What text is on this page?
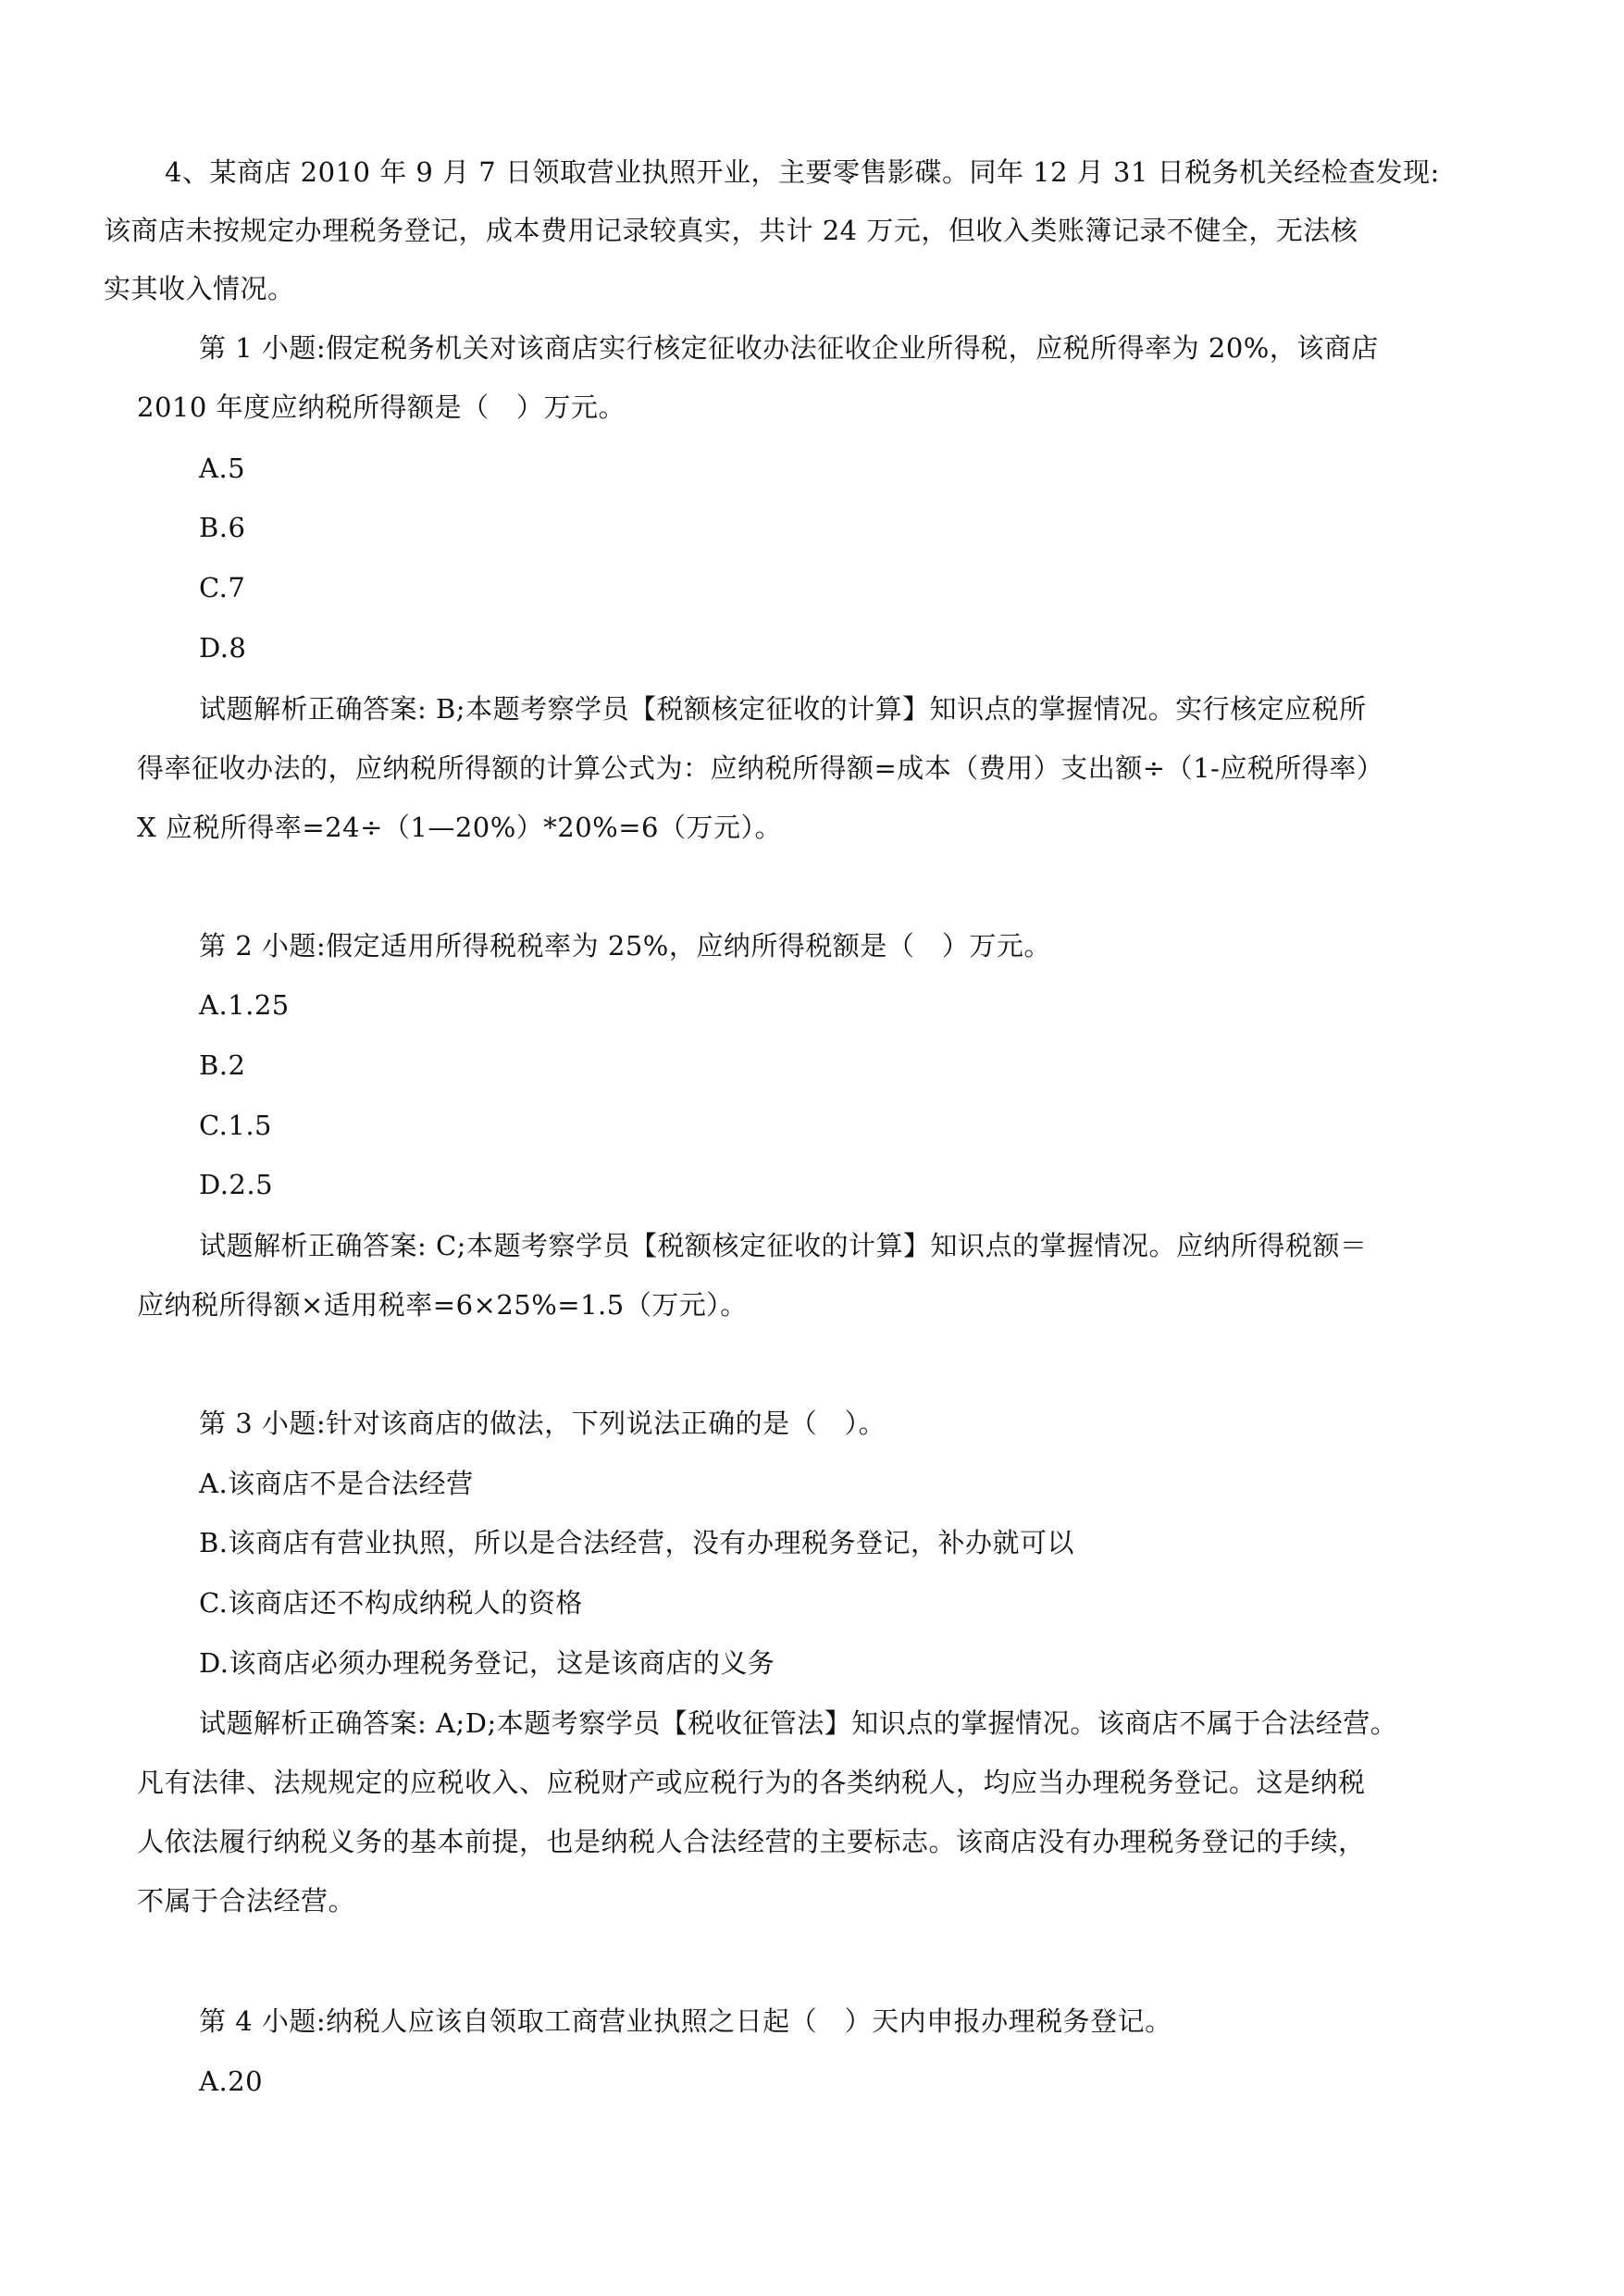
4、某商店 2010 年 9 月 7 日领取营业执照开业，主要零售影碟。同年 12 月 31 日税务机关经检查发现:
该商店未按规定办理税务登记，成本费用记录较真实，共计 24 万元，但收入类账簿记录不健全，无法核
实其收入情况。
第 1 小题:假定税务机关对该商店实行核定征收办法征收企业所得税，应税所得率为 20%，该商店
2010 年度应纳税所得额是（　）万元。
A.5
B.6
C.7
D.8
试题解析正确答案: B;本题考察学员【税额核定征收的计算】知识点的掌握情况。实行核定应税所
得率征收办法的，应纳税所得额的计算公式为：应纳税所得额=成本（费用）支出额÷（1-应税所得率）
X 应税所得率=24÷（1—20%）*20%=6（万元）。
第 2 小题:假定适用所得税税率为 25%，应纳所得税额是（　）万元。
A.1.25
B.2
C.1.5
D.2.5
试题解析正确答案: C;本题考察学员【税额核定征收的计算】知识点的掌握情况。应纳所得税额＝
应纳税所得额×适用税率=6×25%=1.5（万元）。
第 3 小题:针对该商店的做法，下列说法正确的是（　）。
A.该商店不是合法经营
B.该商店有营业执照，所以是合法经营，没有办理税务登记，补办就可以
C.该商店还不构成纳税人的资格
D.该商店必须办理税务登记，这是该商店的义务
试题解析正确答案: A;D;本题考察学员【税收征管法】知识点的掌握情况。该商店不属于合法经营。
凡有法律、法规规定的应税收入、应税财产或应税行为的各类纳税人，均应当办理税务登记。这是纳税
人依法履行纳税义务的基本前提，也是纳税人合法经营的主要标志。该商店没有办理税务登记的手续，
不属于合法经营。
第 4 小题:纳税人应该自领取工商营业执照之日起（　）天内申报办理税务登记。
A.20
